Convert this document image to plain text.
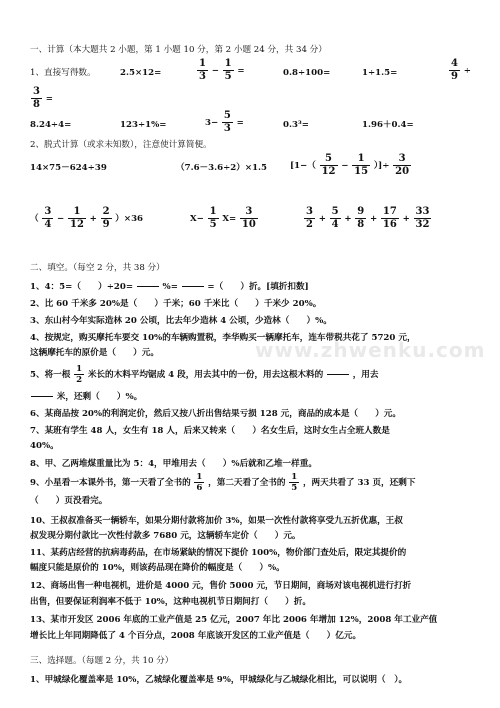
一、计算（本大题共 2 小题，第 1 小题 10 分，第 2 小题 24 分，共 34 分）
1、直接写得数。	2.5×12=	$\frac{1}{3} - \frac{1}{5}$ =	0.8÷100=	1÷1.5=	$\frac{4}{9}$ ÷
$\frac{3}{8}$ =
8.24÷4=	123÷1%=	$3- \frac{5}{3}$ =	0.3³=	1.96＋0.4=
2、脱式计算（或求未知数），注意使计算简便。
14×75－624÷39	（7.6－3.6÷2）×1.5	[$1-( \frac{5}{12} - \frac{1}{15}$ ）]÷ $\frac{3}{20}$
（ $\frac{3}{4} - \frac{1}{12} + \frac{2}{9} )\times 36$	$X- \frac{1}{5} X= \frac{3}{10}$	$\frac{3}{2} + \frac{5}{4} + \frac{9}{8} + \frac{17}{16} + \frac{33}{32}$
二、填空。（每空 2 分，共 38 分）
1、4：5=（　　）÷20=	%=	=（　　）折。[填折扣数]
2、比 60 千米多 20%是（　　）千米；60 千米比（　　）千米少 20%。
3、东山村今年实际造林 20 公顷，比去年少造林 4 公顷，少造林（　　）%。
4、按规定，购买摩托车要交 10%的车辆购置税，李华购买一辆摩托车，连车带税共花了 5720 元，
这辆摩托车的原价是（　　）元。
5、将一根 $\frac{1}{2}$ 米长的木料平均锯成 4 段，用去其中的一份，用去这根木料的	，用去
米，还剩（　　）%。
6、某商品按 20%的利润定价，然后又按八折出售结果亏损 128 元，商品的成本是（　　）元。
7、某班有学生 48 人，女生有 18 人，后来又转来（　　）名女生后，这时女生占全班人数是
40%。
8、甲、乙两堆煤重量比为 5：4，甲堆用去（　　）%后就和乙堆一样重。
9、小星看一本课外书，第一天看了全书的 $\frac{1}{6}$ ，第二天看了全书的 $\frac{1}{5}$ ，两天共看了 33 页，还剩下
（　　）页没看完。
10、王叔叔准备买一辆轿车，如果分期付款将加价 3%，如果一次性付款将享受九五折优惠，王叔
叔发现分期付款比一次性付款多 7680 元，这辆轿车定价（　　）元。
11、某药店经营的抗病毒药品，在市场紧缺的情况下提价 100%，物价部门查处后，限定其提价的
幅度只能是原价的 10%，则该药品现在降价的幅度是（　　）%。
12、商场出售一种电视机，进价是 4000 元，售价 5000 元，节日期间，商场对该电视机进行打折
出售，但要保证利润率不低于 10%，这种电视机节日期间打（　　）折。
13、某市开发区 2006 年底的工业产值是 25 亿元，2007 年比 2006 年增加 12%，2008 年工业产值
增长比上年同期降低了 4 个百分点，2008 年底该开发区的工业产值是（　　）亿元。
三、选择题。（每题 2 分，共 10 分）
1、甲城绿化覆盖率是 10%，乙城绿化覆盖率是 9%，甲城绿化与乙城绿化相比，可以说明（　）。
www.zhwenku.com
